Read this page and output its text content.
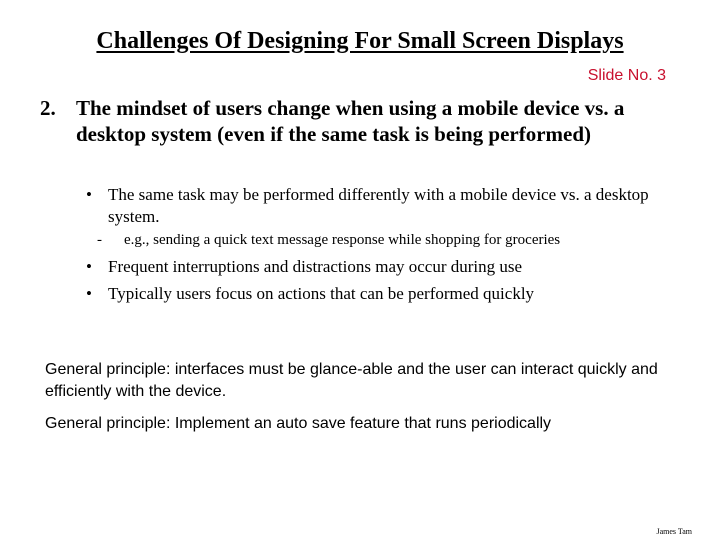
Challenges Of Designing For Small Screen Displays
Slide No. 3
2. The mindset of users change when using a mobile device vs. a desktop system (even if the same task is being performed)
• The same task may be performed differently with a mobile device vs. a desktop system.
- e.g., sending a quick text message response while shopping for groceries
• Frequent interruptions and distractions may occur during use
• Typically users focus on actions that can be performed quickly
General principle: interfaces must be glance-able and the user can interact quickly and efficiently with the device.
General principle: Implement an auto save feature that runs periodically
James Tam
